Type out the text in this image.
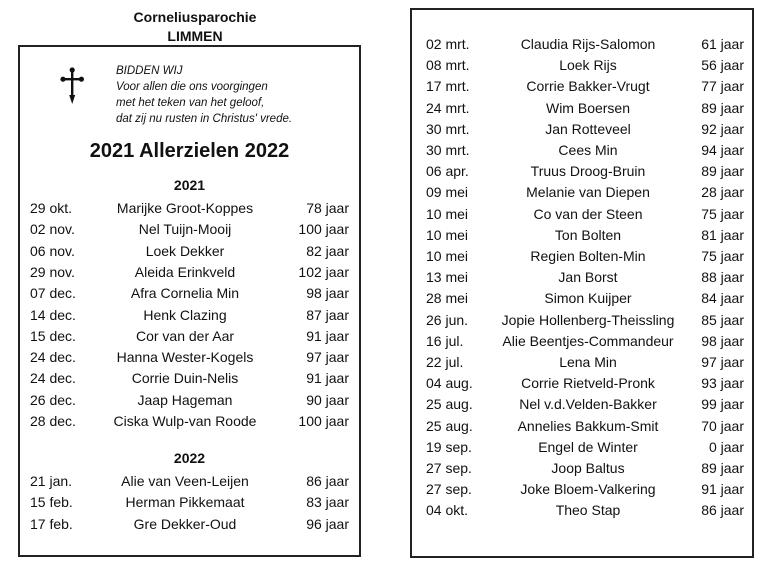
Corneliusparochie
LIMMEN
BIDDEN WIJ
Voor allen die ons voorgingen
met het teken van het geloof,
dat zij nu rusten in Christus' vrede.
2021 Allerzielen 2022
2021
29 okt.	Marijke Groot-Koppes	78 jaar
02 nov.	Nel Tuijn-Mooij	100 jaar
06 nov.	Loek Dekker	82 jaar
29 nov.	Aleida Erinkveld	102 jaar
07 dec.	Afra Cornelia Min	98 jaar
14 dec.	Henk Clazing	87 jaar
15 dec.	Cor van der Aar	91 jaar
24 dec.	Hanna Wester-Kogels	97 jaar
24 dec.	Corrie Duin-Nelis	91 jaar
26 dec.	Jaap Hageman	90 jaar
28 dec.	Ciska Wulp-van Roode	100 jaar
2022
21 jan.	Alie van Veen-Leijen	86 jaar
15 feb.	Herman Pikkemaat	83 jaar
17 feb.	Gre Dekker-Oud	96 jaar
02 mrt.	Claudia Rijs-Salomon	61 jaar
08 mrt.	Loek Rijs	56 jaar
17 mrt.	Corrie Bakker-Vrugt	77 jaar
24 mrt.	Wim Boersen	89 jaar
30 mrt.	Jan Rotteveel	92 jaar
30 mrt.	Cees Min	94 jaar
06 apr.	Truus Droog-Bruin	89 jaar
09 mei	Melanie van Diepen	28 jaar
10 mei	Co van der Steen	75 jaar
10 mei	Ton Bolten	81 jaar
10 mei	Regien Bolten-Min	75 jaar
13 mei	Jan Borst	88 jaar
28 mei	Simon Kuijper	84 jaar
26 jun.	Jopie Hollenberg-Theissling	85 jaar
16 jul.	Alie Beentjes-Commandeur	98 jaar
22 jul.	Lena Min	97 jaar
04 aug.	Corrie Rietveld-Pronk	93 jaar
25 aug.	Nel v.d.Velden-Bakker	99 jaar
25 aug.	Annelies Bakkum-Smit	70 jaar
19 sep.	Engel de Winter	0 jaar
27 sep.	Joop Baltus	89 jaar
27 sep.	Joke Bloem-Valkering	91 jaar
04 okt.	Theo Stap	86 jaar
